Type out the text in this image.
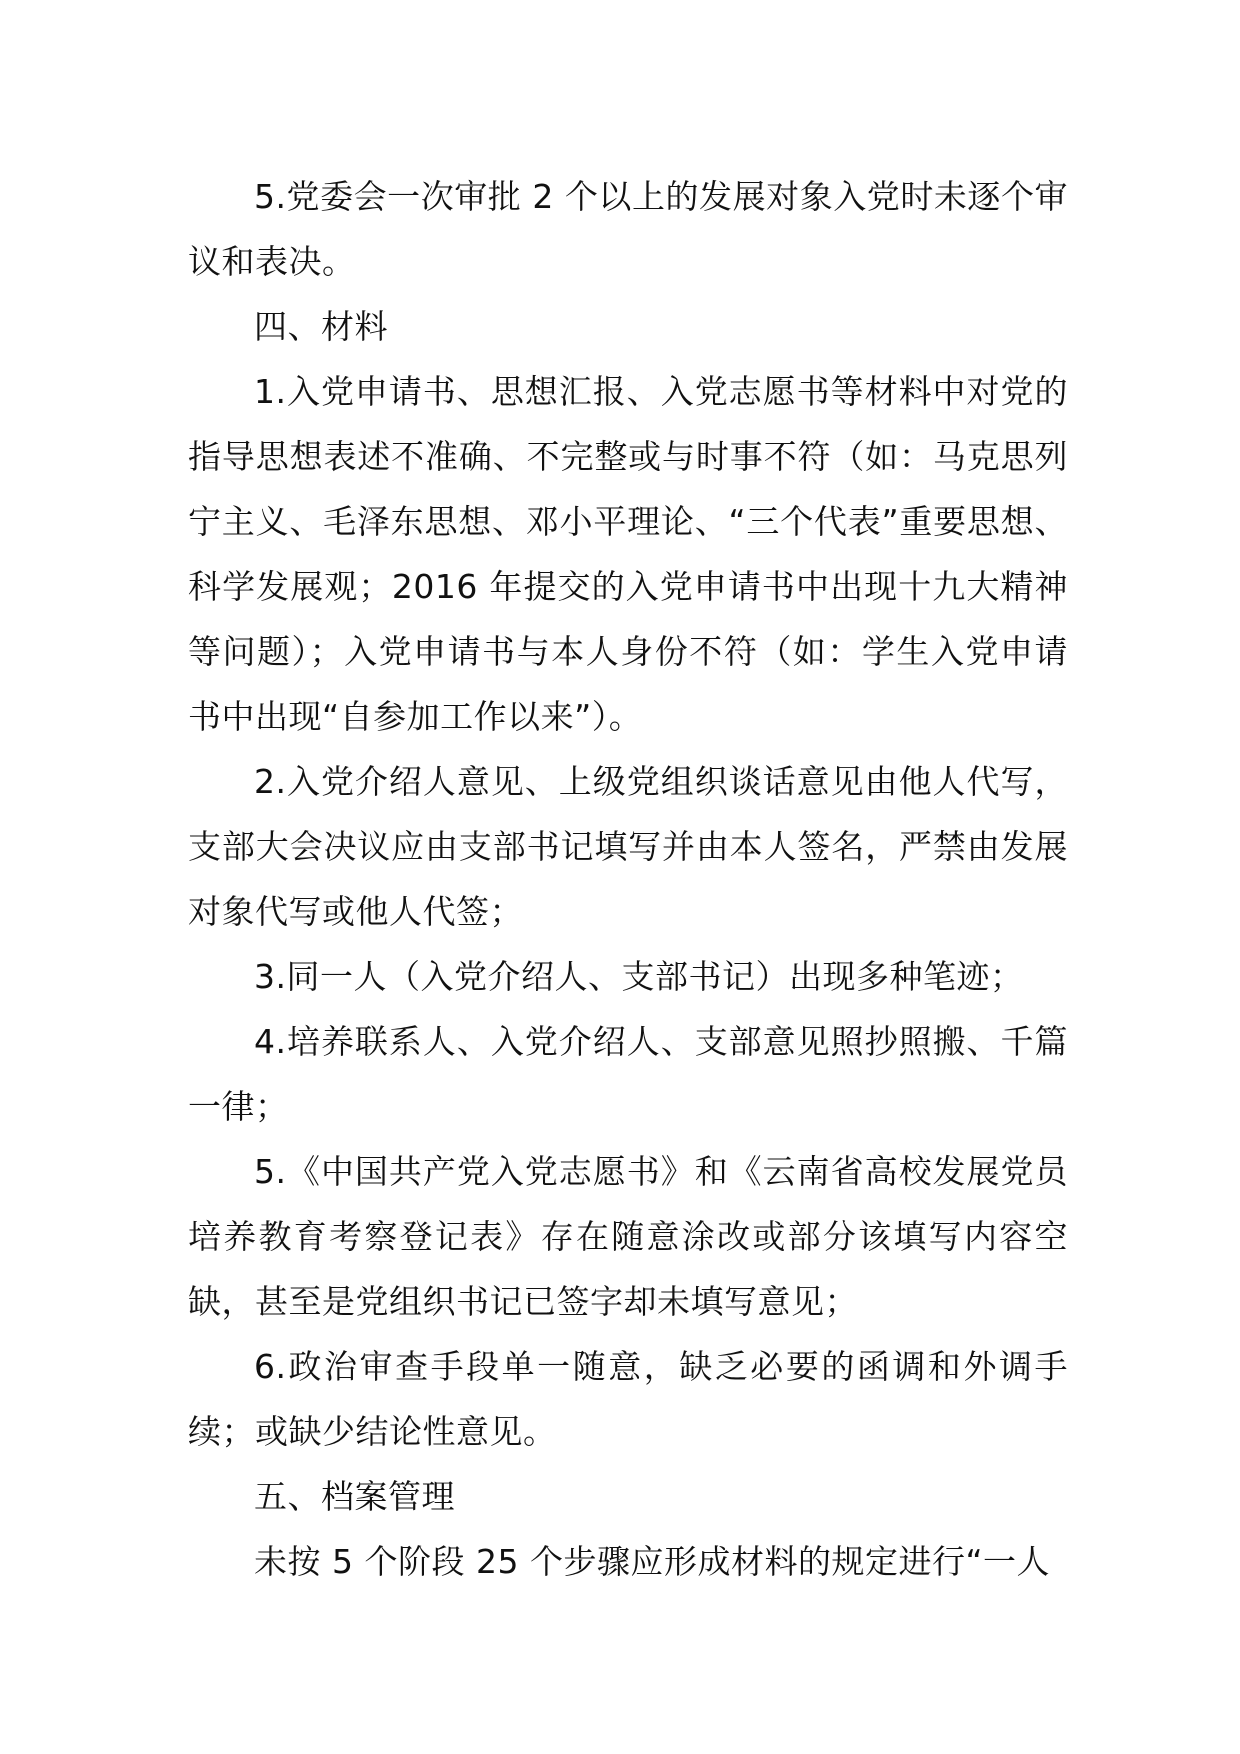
5.党委会一次审批 2 个以上的发展对象入党时未逐个审议和表决。

四、材料

1.入党申请书、思想汇报、入党志愿书等材料中对党的指导思想表述不准确、不完整或与时事不符（如：马克思列宁主义、毛泽东思想、邓小平理论、“三个代表”重要思想、科学发展观；2016 年提交的入党申请书中出现十九大精神等问题）；入党申请书与本人身份不符（如：学生入党申请书中出现“自参加工作以来”）。

2.入党介绍人意见、上级党组织谈话意见由他人代写，支部大会决议应由支部书记填写并由本人签名，严禁由发展对象代写或他人代签；

3.同一人（入党介绍人、支部书记）出现多种笔迹；

4.培养联系人、入党介绍人、支部意见照抄照搬、千篇一律；

5.《中国共产党入党志愿书》和《云南省高校发展党员培养教育考察登记表》存在随意涂改或部分该填写内容空缺，甚至是党组织书记已签字却未填写意见；

6.政治审查手段单一随意，缺乏必要的函调和外调手续；或缺少结论性意见。

五、档案管理

未按 5 个阶段 25 个步骤应形成材料的规定进行“一人
